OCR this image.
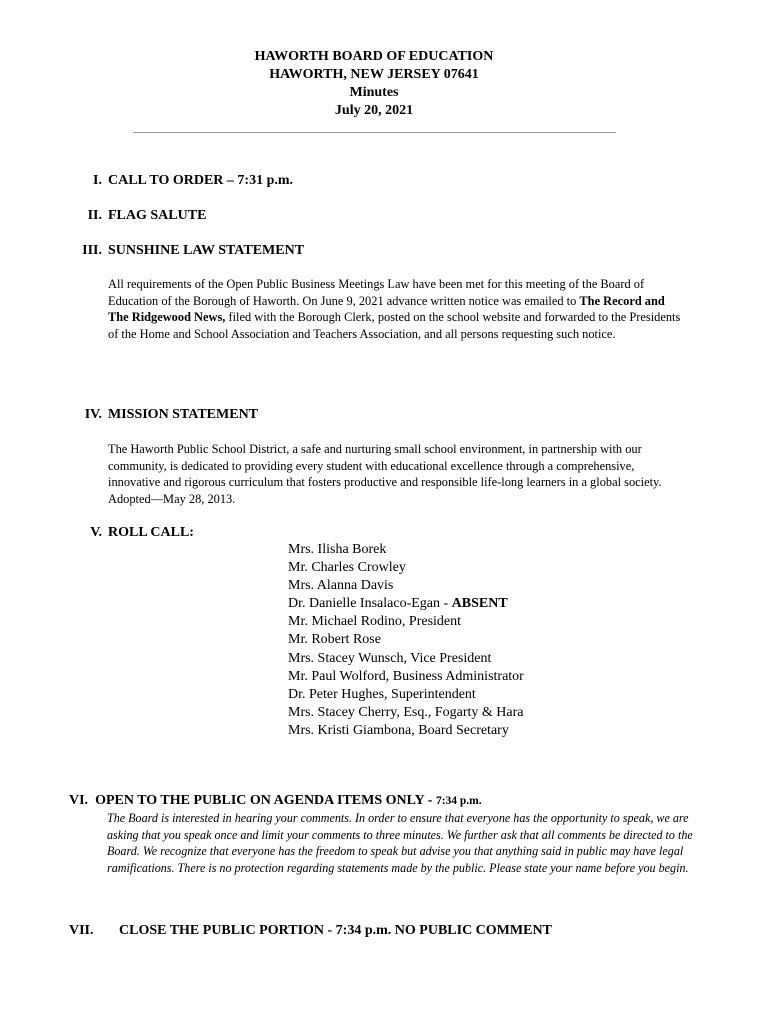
HAWORTH BOARD OF EDUCATION
HAWORTH, NEW JERSEY 07641
Minutes
July 20, 2021
I. CALL TO ORDER – 7:31 p.m.
II. FLAG SALUTE
III. SUNSHINE LAW STATEMENT
All requirements of the Open Public Business Meetings Law have been met for this meeting of the Board of Education of the Borough of Haworth. On June 9, 2021 advance written notice was emailed to The Record and The Ridgewood News, filed with the Borough Clerk, posted on the school website and forwarded to the Presidents of the Home and School Association and Teachers Association, and all persons requesting such notice.
IV. MISSION STATEMENT
The Haworth Public School District, a safe and nurturing small school environment, in partnership with our community, is dedicated to providing every student with educational excellence through a comprehensive, innovative and rigorous curriculum that fosters productive and responsible life-long learners in a global society. Adopted—May 28, 2013.
V. ROLL CALL:
Mrs. Ilisha Borek
Mr. Charles Crowley
Mrs. Alanna Davis
Dr. Danielle Insalaco-Egan - ABSENT
Mr. Michael Rodino, President
Mr. Robert Rose
Mrs. Stacey Wunsch, Vice President
Mr. Paul Wolford, Business Administrator
Dr. Peter Hughes, Superintendent
Mrs. Stacey Cherry, Esq., Fogarty & Hara
Mrs. Kristi Giambona, Board Secretary
VI. OPEN TO THE PUBLIC ON AGENDA ITEMS ONLY - 7:34 p.m.
The Board is interested in hearing your comments. In order to ensure that everyone has the opportunity to speak, we are asking that you speak once and limit your comments to three minutes. We further ask that all comments be directed to the Board. We recognize that everyone has the freedom to speak but advise you that anything said in public may have legal ramifications. There is no protection regarding statements made by the public. Please state your name before you begin.
VII. CLOSE THE PUBLIC PORTION - 7:34 p.m. NO PUBLIC COMMENT
